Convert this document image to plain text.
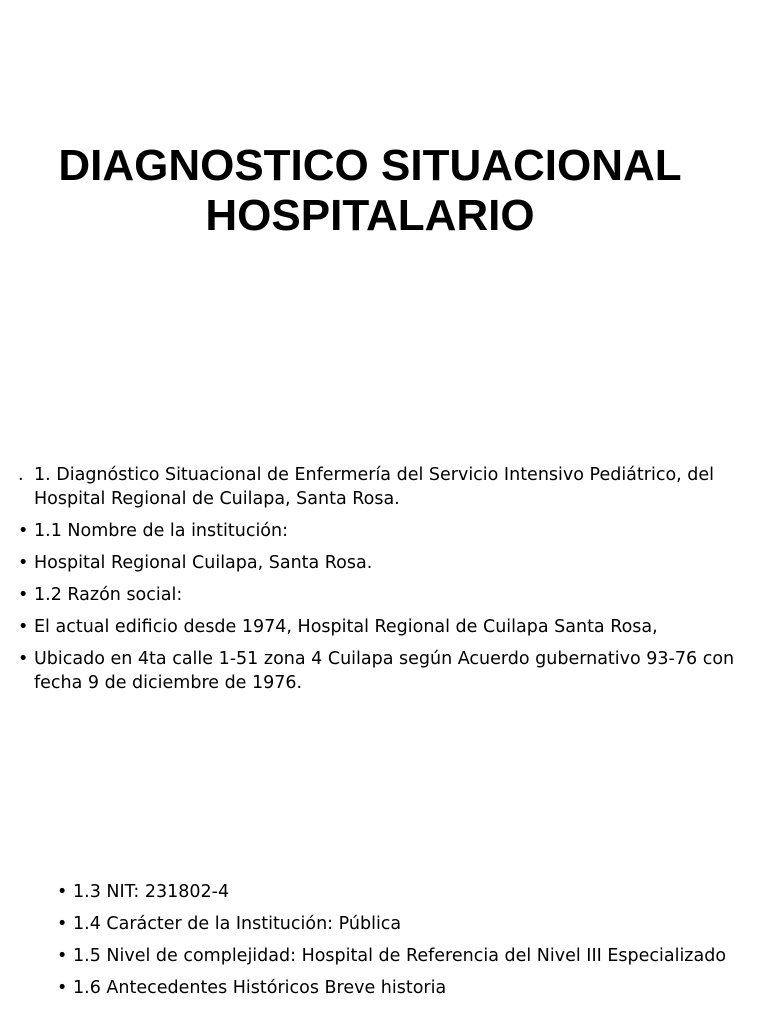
DIAGNOSTICO SITUACIONAL
HOSPITALARIO
. 1. Diagnóstico Situacional de Enfermería del Servicio Intensivo Pediátrico, del Hospital Regional de Cuilapa, Santa Rosa.
• 1.1 Nombre de la institución:
• Hospital Regional Cuilapa, Santa Rosa.
• 1.2 Razón social:
• El actual edificio desde 1974, Hospital Regional de Cuilapa Santa Rosa,
• Ubicado en 4ta calle 1-51 zona 4 Cuilapa según Acuerdo gubernativo 93-76 con fecha 9 de diciembre de 1976.
• 1.3 NIT: 231802-4
• 1.4 Carácter de la Institución: Pública
• 1.5 Nivel de complejidad: Hospital de Referencia del Nivel III Especializado
• 1.6 Antecedentes Históricos Breve historia
